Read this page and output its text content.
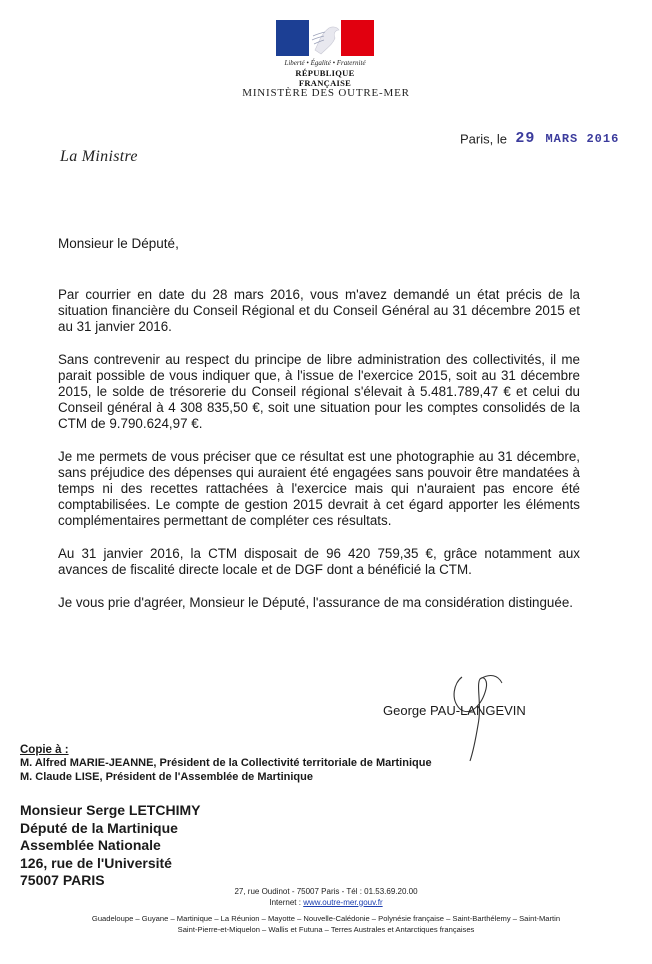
Liberté • Égalité • Fraternité
RÉPUBLIQUE FRANÇAISE
MINISTÈRE DES OUTRE-MER
Paris, le 29 MARS 2016
La Ministre
Monsieur le Député,

Par courrier en date du 28 mars 2016, vous m'avez demandé un état précis de la situation financière du Conseil Régional et du Conseil Général au 31 décembre 2015 et au 31 janvier 2016.

Sans contrevenir au respect du principe de libre administration des collectivités, il me parait possible de vous indiquer que, à l'issue de l'exercice 2015, soit au 31 décembre 2015, le solde de trésorerie du Conseil régional s'élevait à 5.481.789,47 € et celui du Conseil général à 4 308 835,50 €, soit une situation pour les comptes consolidés de la CTM de 9.790.624,97 €.

Je me permets de vous préciser que ce résultat est une photographie au 31 décembre, sans préjudice des dépenses qui auraient été engagées sans pouvoir être mandatées à temps ni des recettes rattachées à l'exercice mais qui n'auraient pas encore été comptabilisées. Le compte de gestion 2015 devrait à cet égard apporter les éléments complémentaires permettant de compléter ces résultats.

Au 31 janvier 2016, la CTM disposait de 96 420 759,35 €, grâce notamment aux avances de fiscalité directe locale et de DGF dont a bénéficié la CTM.

Je vous prie d'agréer, Monsieur le Député, l'assurance de ma considération distinguée.

George PAU-LANGEVIN
Copie à :
M. Alfred MARIE-JEANNE, Président de la Collectivité territoriale de Martinique
M. Claude LISE, Président de l'Assemblée de Martinique
Monsieur Serge LETCHIMY
Député de la Martinique
Assemblée Nationale
126, rue de l'Université
75007 PARIS
27, rue Oudinot - 75007 Paris - Tél : 01.53.69.20.00
Internet : www.outre-mer.gouv.fr
Guadeloupe – Guyane – Martinique – La Réunion – Mayotte – Nouvelle-Calédonie – Polynésie française – Saint-Barthélemy – Saint-Martin
Saint-Pierre-et-Miquelon – Wallis et Futuna – Terres Australes et Antarctiques françaises
